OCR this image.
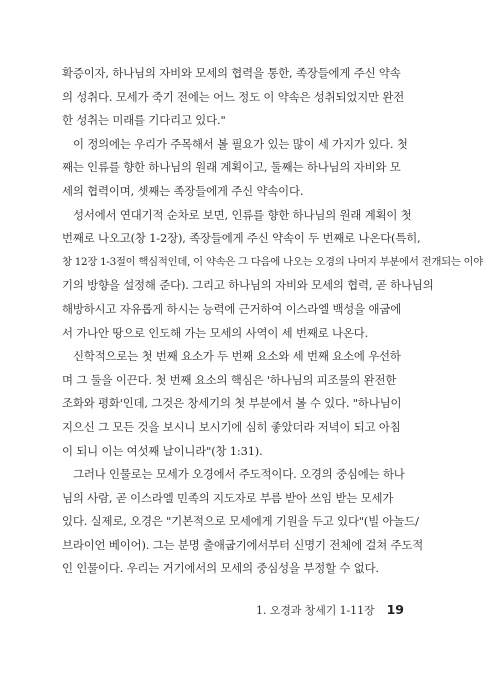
확증이자, 하나님의 자비와 모세의 협력을 통한, 족장들에게 주신 약속
의 성취다. 모세가 죽기 전에는 어느 정도 이 약속은 성취되었지만 완전
한 성취는 미래를 기다리고 있다."
이 정의에는 우리가 주목해서 볼 필요가 있는 많이 세 가지가 있다. 첫
째는 인류를 향한 하나님의 원래 계획이고, 둘째는 하나님의 자비와 모
세의 협력이며, 셋째는 족장들에게 주신 약속이다.
성서에서 연대기적 순차로 보면, 인류를 향한 하나님의 원래 계획이 첫
번째로 나오고(창 1-2장), 족장들에게 주신 약속이 두 번째로 나온다(특히,
창 12장 1-3절이 핵심적인데, 이 약속은 그 다음에 나오는 오경의 나머지 부분에서 전개되는 이야
기의 방향을 설정해 준다). 그리고 하나님의 자비와 모세의 협력, 곧 하나님의
해방하시고 자유롭게 하시는 능력에 근거하여 이스라엘 백성을 애굽에
서 가나안 땅으로 인도해 가는 모세의 사역이 세 번째로 나온다.
신학적으로는 첫 번째 요소가 두 번째 요소와 세 번째 요소에 우선하
며 그 둘을 이끈다. 첫 번째 요소의 핵심은 '하나님의 피조물의 완전한
조화와 평화'인데, 그것은 창세기의 첫 부분에서 볼 수 있다. "하나님이
지으신 그 모든 것을 보시니 보시기에 심히 좋았더라 저녁이 되고 아침
이 되니 이는 여섯째 날이니라"(창 1:31).
그러나 인물로는 모세가 오경에서 주도적이다. 오경의 중심에는 하나
님의 사람, 곧 이스라엘 민족의 지도자로 부름 받아 쓰임 받는 모세가
있다. 실제로, 오경은 "기본적으로 모세에게 기원을 두고 있다"(빌 아놀드/
브라이언 베이어). 그는 분명 출애굽기에서부터 신명기 전체에 걸쳐 주도적
인 인물이다. 우리는 거기에서의 모세의 중심성을 부정할 수 없다.
1. 오경과 창세기 1-11장 19
